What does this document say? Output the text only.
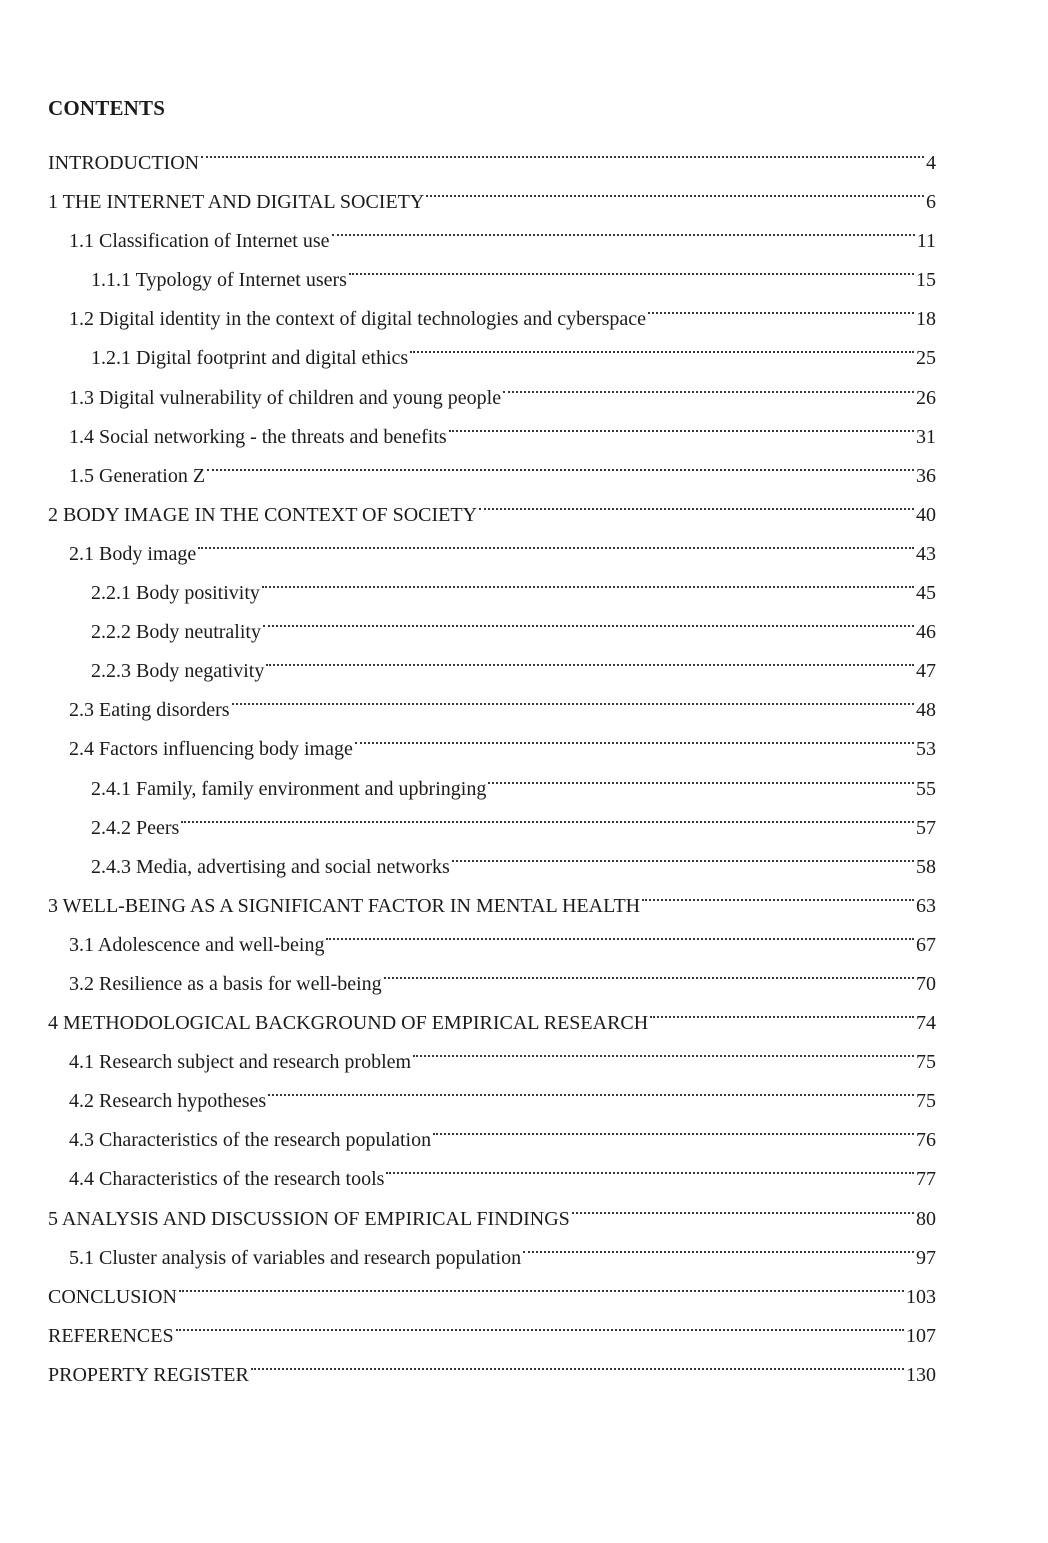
CONTENTS
INTRODUCTION	4
1 THE INTERNET AND DIGITAL SOCIETY	6
1.1 Classification of Internet use	11
1.1.1 Typology of Internet users	15
1.2 Digital identity in the context of digital technologies and cyberspace	18
1.2.1 Digital footprint and digital ethics	25
1.3 Digital vulnerability of children and young people	26
1.4 Social networking - the threats and benefits	31
1.5 Generation Z	36
2 BODY IMAGE IN THE CONTEXT OF SOCIETY	40
2.1 Body image	43
2.2.1 Body positivity	45
2.2.2 Body neutrality	46
2.2.3 Body negativity	47
2.3 Eating disorders	48
2.4 Factors influencing body image	53
2.4.1 Family, family environment and upbringing	55
2.4.2 Peers	57
2.4.3 Media, advertising and social networks	58
3 WELL-BEING AS A SIGNIFICANT FACTOR IN MENTAL HEALTH	63
3.1 Adolescence and well-being	67
3.2 Resilience as a basis for well-being	70
4 METHODOLOGICAL BACKGROUND OF EMPIRICAL RESEARCH	74
4.1 Research subject and research problem	75
4.2 Research hypotheses	75
4.3 Characteristics of the research population	76
4.4 Characteristics of the research tools	77
5 ANALYSIS AND DISCUSSION OF EMPIRICAL FINDINGS	80
5.1 Cluster analysis of variables and research population	97
CONCLUSION	103
REFERENCES	107
PROPERTY REGISTER	130
